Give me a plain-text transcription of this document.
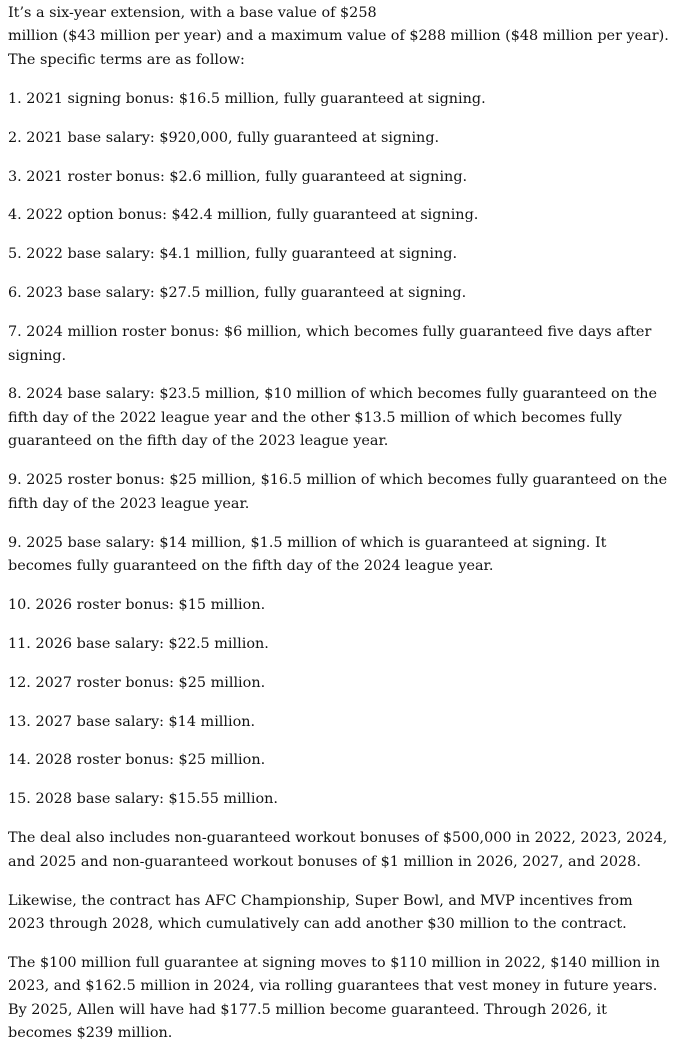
It’s a six-year extension, with a base value of $258

million ($43 million per year) and a maximum value of $288 million ($48 million per year). The specific terms are as follow:

1. 2021 signing bonus: $16.5 million, fully guaranteed at signing.

2. 2021 base salary: $920,000, fully guaranteed at signing.

3. 2021 roster bonus: $2.6 million, fully guaranteed at signing.

4. 2022 option bonus: $42.4 million, fully guaranteed at signing.

5. 2022 base salary: $4.1 million, fully guaranteed at signing.

6. 2023 base salary: $27.5 million, fully guaranteed at signing.

7. 2024 million roster bonus: $6 million, which becomes fully guaranteed five days after signing.

8. 2024 base salary: $23.5 million, $10 million of which becomes fully guaranteed on the fifth day of the 2022 league year and the other $13.5 million of which becomes fully guaranteed on the fifth day of the 2023 league year.

9. 2025 roster bonus: $25 million, $16.5 million of which becomes fully guaranteed on the fifth day of the 2023 league year.

9. 2025 base salary: $14 million, $1.5 million of which is guaranteed at signing. It becomes fully guaranteed on the fifth day of the 2024 league year.

10. 2026 roster bonus: $15 million.

11. 2026 base salary: $22.5 million.

12. 2027 roster bonus: $25 million.

13. 2027 base salary: $14 million.

14. 2028 roster bonus: $25 million.

15. 2028 base salary: $15.55 million.

The deal also includes non-guaranteed workout bonuses of $500,000 in 2022, 2023, 2024, and 2025 and non-guaranteed workout bonuses of $1 million in 2026, 2027, and 2028.

Likewise, the contract has AFC Championship, Super Bowl, and MVP incentives from 2023 through 2028, which cumulatively can add another $30 million to the contract.

The $100 million full guarantee at signing moves to $110 million in 2022, $140 million in 2023, and $162.5 million in 2024, via rolling guarantees that vest money in future years. By 2025, Allen will have had $177.5 million become guaranteed. Through 2026, it becomes $239 million.
